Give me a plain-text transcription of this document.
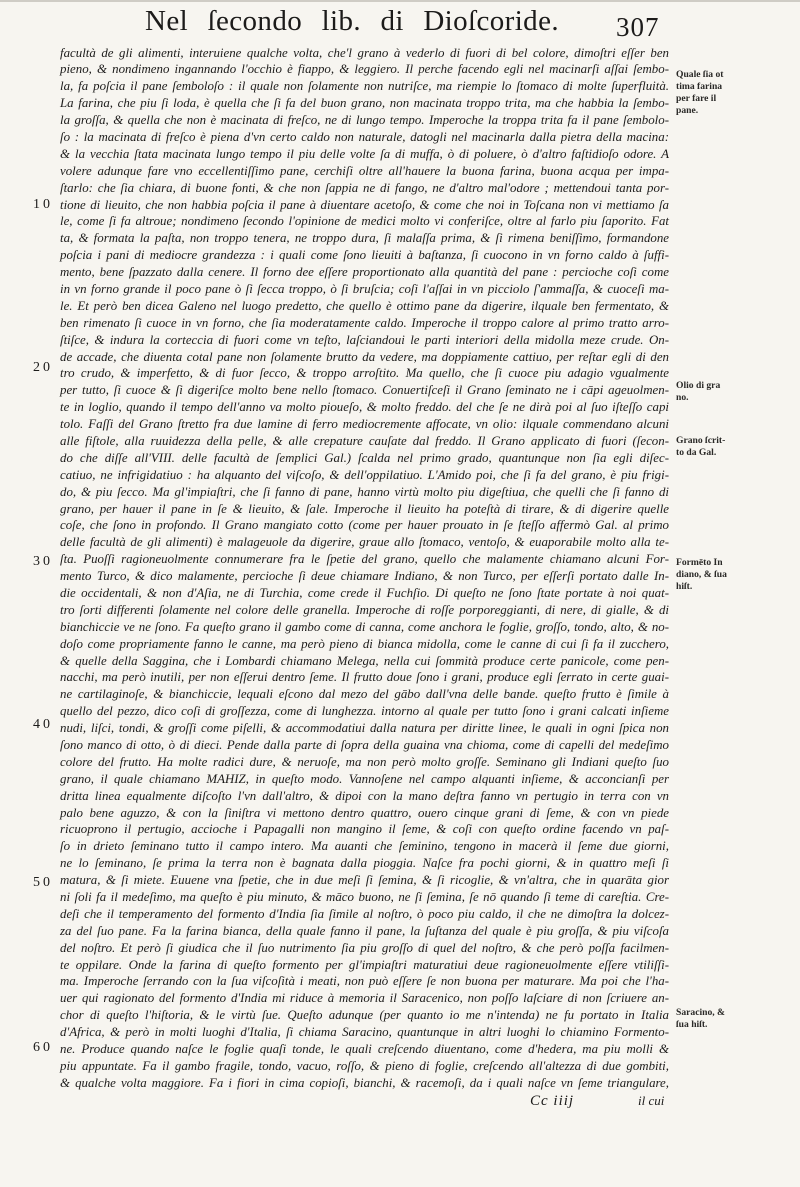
Nel ſecondo lib. di Dioſcoride. 307
10
20
30
40
50
60
facultà de gli alimenti, interuiene qualche volta, che'l grano à vederlo di fuori di bel colore, dimoſtri eſſer ben
pieno, & nondimeno ingannando l'occhio è fiappo, & leggiero. Il perche facendo egli nel macinarſi aſſai ſembo-
la, fa poſcia il pane ſemboloſo : il quale non ſolamente non nutriſce, ma riempie lo ſtomaco di molte ſuperfluità.
La farina, che piu ſi loda, è quella che ſi fa del buon grano, non macinata troppo trita, ma che habbia la ſembo-
la groſſa, & quella che non è macinata di freſco, ne di lungo tempo. Imperoche la troppa trita fa il pane ſembolo-
ſo : la macinata di freſco è piena d'vn certo caldo non naturale, datogli nel macinarla dalla pietra della macina:
& la vecchia ſtata macinata lungo tempo il piu delle volte ſa di muffa, ò di poluere, ò d'altro faſtidioſo odore. A
volere adunque fare vno eccellentiſſimo pane, cerchiſi oltre all'hauere la buona farina, buona acqua per impa-
ſtarlo: che ſia chiara, di buone fonti, & che non ſappia ne di fango, ne d'altro mal'odore ; mettendoui tanta por-
tione di lieuito, che non habbia poſcia il pane à diuentare acetoſo, & come che noi in Toſcana non vi mettiamo ſa
le, come ſi fa altroue; nondimeno ſecondo l'opinione de medici molto vi conferiſce, oltre al farlo piu ſaporito. Fat
ta, & formata la paſta, non troppo tenera, ne troppo dura, ſi malaſſa prima, & ſi rimena beniſſimo, formandone
poſcia i pani di mediocre grandezza : i quali come ſono lieuiti à baſtanza, ſi cuocono in vn forno caldo à ſuffi-
mento, bene ſpazzato dalla cenere. Il forno dee eſſere proportionato alla quantità del pane : percioche coſi come
in vn forno grande il poco pane ò ſi ſecca troppo, ò ſi bruſcia; coſi l'aſſai in vn picciolo ſ'ammaſſa, & cuoceſi ma-
le. Et però ben dicea Galeno nel luogo predetto, che quello è ottimo pane da digerire, ilquale ben fermentato, &
ben rimenato ſi cuoce in vn forno, che ſia moderatamente caldo. Imperoche il troppo calore al primo tratto arro-
ſtiſce, & indura la corteccia di fuori come vn teſto, laſciandoui le parti interiori della midolla meze crude. On-
de accade, che diuenta cotal pane non ſolamente brutto da vedere, ma doppiamente cattiuo, per reſtar egli di den
tro crudo, & imperfetto, & di fuor ſecco, & troppo arroſtito. Ma quello, che ſi cuoce piu adagio vgualmente
per tutto, ſi cuoce & ſi digeriſce molto bene nello ſtomaco. Conuertiſceſi il Grano ſeminato ne i cāpi ageuolmen-
te in loglio, quando il tempo dell'anno va molto pioueſo, & molto freddo. del che ſe ne dirà poi al ſuo iſteſſo capi
tolo. Faſſi del Grano ſtretto fra due lamine di ferro mediocremente affocate, vn olio: ilquale commendano alcuni
alle fiſtole, alla ruuidezza della pelle, & alle crepature cauſate dal freddo. Il Grano applicato di fuori (ſecon-
do che diſſe all'VIII. delle facultà de ſemplici Gal.) ſcalda nel primo grado, quantunque non ſia egli diſec-
catiuo, ne infrigidatiuo : ha alquanto del viſcoſo, & dell'oppilatiuo. L'Amido poi, che ſi fa del grano, è piu frigi-
do, & piu ſecco. Ma gl'impiaſtri, che ſi fanno di pane, hanno virtù molto piu digeſtiua, che quelli che ſi fanno di
grano, per hauer il pane in ſe & lieuito, & ſale. Imperoche il lieuito ha poteſtà di tirare, & di digerire quelle
coſe, che ſono in profondo. Il Grano mangiato cotto (come per hauer prouato in ſe ſteſſo affermò Gal. al primo
delle facultà de gli alimenti) è malageuole da digerire, graue allo ſtomaco, ventoſo, & euaporabile molto alla te-
ſta. Puoſſi ragioneuolmente connumerare fra le ſpetie del grano, quello che malamente chiamano alcuni For-
mento Turco, & dico malamente, percioche ſi deue chiamare Indiano, & non Turco, per eſſerſi portato dalle In-
die occidentali, & non d'Aſia, ne di Turchia, come crede il Fuchſio. Di queſto ne ſono ſtate portate à noi quat-
tro ſorti differenti ſolamente nel colore delle granella. Imperoche di roſſe porporeggianti, di nere, di gialle, & di
bianchiccie ve ne ſono. Fa queſto grano il gambo come di canna, come anchora le foglie, groſſo, tondo, alto, & no-
doſo come propriamente fanno le canne, ma però pieno di bianca midolla, come le canne di cui ſi fa il zucchero,
& quelle della Saggina, che i Lombardi chiamano Melega, nella cui ſommità produce certe panicole, come pen-
nacchi, ma però inutili, per non eſſerui dentro ſeme. Il frutto doue ſono i grani, produce egli ſerrato in certe guai-
ne cartilaginoſe, & bianchiccie, lequali eſcono dal mezo del gābo dall'vna delle bande. queſto frutto è ſimile à
quello del pezzo, dico coſi di groſſezza, come di lunghezza. intorno al quale per tutto ſono i grani calcati inſieme
nudi, liſci, tondi, & groſſi come piſelli, & accommodatiui dalla natura per diritte linee, le quali in ogni ſpica non
ſono manco di otto, ò di dieci. Pende dalla parte di ſopra della guaina vna chioma, come di capelli del medeſimo
colore del frutto. Ha molte radici dure, & neruoſe, ma non però molto groſſe. Seminano gli Indiani queſto ſuo
grano, il quale chiamano MAHIZ, in queſto modo. Vannoſene nel campo alquanti inſieme, & acconcianſi per
dritta linea equalmente diſcoſto l'vn dall'altro, & dipoi con la mano deſtra fanno vn pertugio in terra con vn
palo bene aguzzo, & con la ſiniſtra vi mettono dentro quattro, ouero cinque grani di ſeme, & con vn piede
ricuoprono il pertugio, accioche i Papagalli non mangino il ſeme, & coſi con queſto ordine facendo vn paſ-
ſo in drieto ſeminano tutto il campo intero. Ma auanti che ſeminino, tengono in macerà il ſeme due giorni,
ne lo ſeminano, ſe prima la terra non è bagnata dalla pioggia. Naſce fra pochi giorni, & in quattro meſi ſi
matura, & ſi miete. Euuene vna ſpetie, che in due meſi ſi ſemina, & ſi ricoglie, & vn'altra, che in quarāta gior
ni ſoli fa il medeſimo, ma queſto è piu minuto, & māco buono, ne ſi ſemina, ſe nō quando ſi teme di careſtia. Cre-
deſi che il temperamento del formento d'India ſia ſimile al noſtro, ò poco piu caldo, il che ne dimoſtra la dolcez-
za del ſuo pane. Fa la farina bianca, della quale fanno il pane, la ſuſtanza del quale è piu groſſa, & piu viſcoſa
del noſtro. Et però ſi giudica che il ſuo nutrimento ſia piu groſſo di quel del noſtro, & che però poſſa facilmen-
te oppilare. Onde la farina di queſto formento per gl'impiaſtri maturatiui deue ragioneuolmente eſſere vtiliſſi-
ma. Imperoche ſerrando con la ſua viſcoſità i meati, non può eſſere ſe non buona per maturare. Ma poi che l'ha-
uer qui ragionato del formento d'India mi riduce à memoria il Saracenico, non poſſo laſciare di non ſcriuere an-
chor di queſto l'hiſtoria, & le virtù ſue. Queſto adunque (per quanto io me n'intenda) ne fu portato in Italia
d'Africa, & però in molti luoghi d'Italia, ſi chiama Saracino, quantunque in altri luoghi lo chiamino Formento-
ne. Produce quando naſce le foglie quaſi tonde, le quali creſcendo diuentano, come d'hedera, ma piu molli &
piu appuntate. Fa il gambo fragile, tondo, vacuo, roſſo, & pieno di foglie, creſcendo all'altezza di due gombiti,
& qualche volta maggiore. Fa i fiori in cima copioſi, bianchi, & racemoſi, da i quali naſce vn ſeme triangulare,
Quale ſia ot
tima farina
per fare il
pane.
Olio di gra
no.
Grano ſcrit-
to da Gal.
Formēto In
diano, & ſua
hiſt.
Saracino, &
ſua hiſt.
Cc iiij	il cui
